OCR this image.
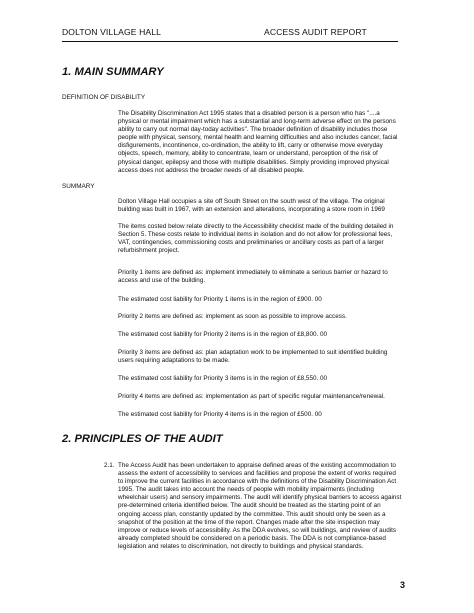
DOLTON VILLAGE HALL	ACCESS AUDIT REPORT
1. MAIN SUMMARY
DEFINITION OF DISABILITY
The Disability Discrimination Act 1995 states that a disabled person is a person who has "....a physical or mental impairment which has a substantial and long-term adverse effect on the persons ability to carry out normal day-today activities". The broader definition of disability includes those people with physical, sensory, mental health and learning difficulties and also includes cancer, facial disfigurements, incontinence, co-ordination, the ability to lift, carry or otherwise move everyday objects, speech, memory, ability to concentrate, learn or understand, perception of the risk of physical danger, epilepsy and those with multiple disabilities. Simply providing improved physical access does not address the broader needs of all disabled people.
SUMMARY
Dolton Village Hall occupies a site off South Street on the south west of the village. The original building was built in 1967, with an extension and alterations, incorporating a store room in 1969
The items costed below relate directly to the Accessibility checklist made of the building detailed in Section 5. These costs relate to individual items in isolation and do not allow for professional fees, VAT, contingencies, commissioning costs and preliminaries or ancillary costs as part of a larger refurbishment project.
Priority 1 items are defined as: implement immediately to eliminate a serious barrier or hazard to access and use of the building.
The estimated cost liability for Priority 1 items is in the region of £900. 00
Priority 2 items are defined as: implement as soon as possible to improve access.
The estimated cost liability for Priority 2 items is in the region of £8,800. 00
Priority 3 items are defined as: plan adaptation work to be implemented to suit identified building users requiring adaptations to be made.
The estimated cost liability for Priority 3 items is in the region of £8,550. 00
Priority 4 items are defined as: implementation as part of specific regular maintenance/renewal.
The estimated cost liability for Priority 4 items is in the region of £500. 00
2. PRINCIPLES OF THE AUDIT
2.1. The Access Audit has been undertaken to appraise defined areas of the existing accommodation to assess the extent of accessibility to services and facilities and propose the extent of works required to improve the current facilities in accordance with the definitions of the Disability Discrimination Act 1995. The audit takes into account the needs of people with mobility impairments (including wheelchair users) and sensory impairments. The audit will identify physical barriers to access against pre-determined criteria identified below. The audit should be treated as the starting point of an ongoing access plan, constantly updated by the committee. This audit should only be seen as a snapshot of the position at the time of the report. Changes made after the site inspection may improve or reduce levels of accessibility. As the DDA evolves, so will buildings, and review of audits already completed should be considered on a periodic basis. The DDA is not compliance-based legislation and relates to discrimination, not directly to buildings and physical standards.
3
